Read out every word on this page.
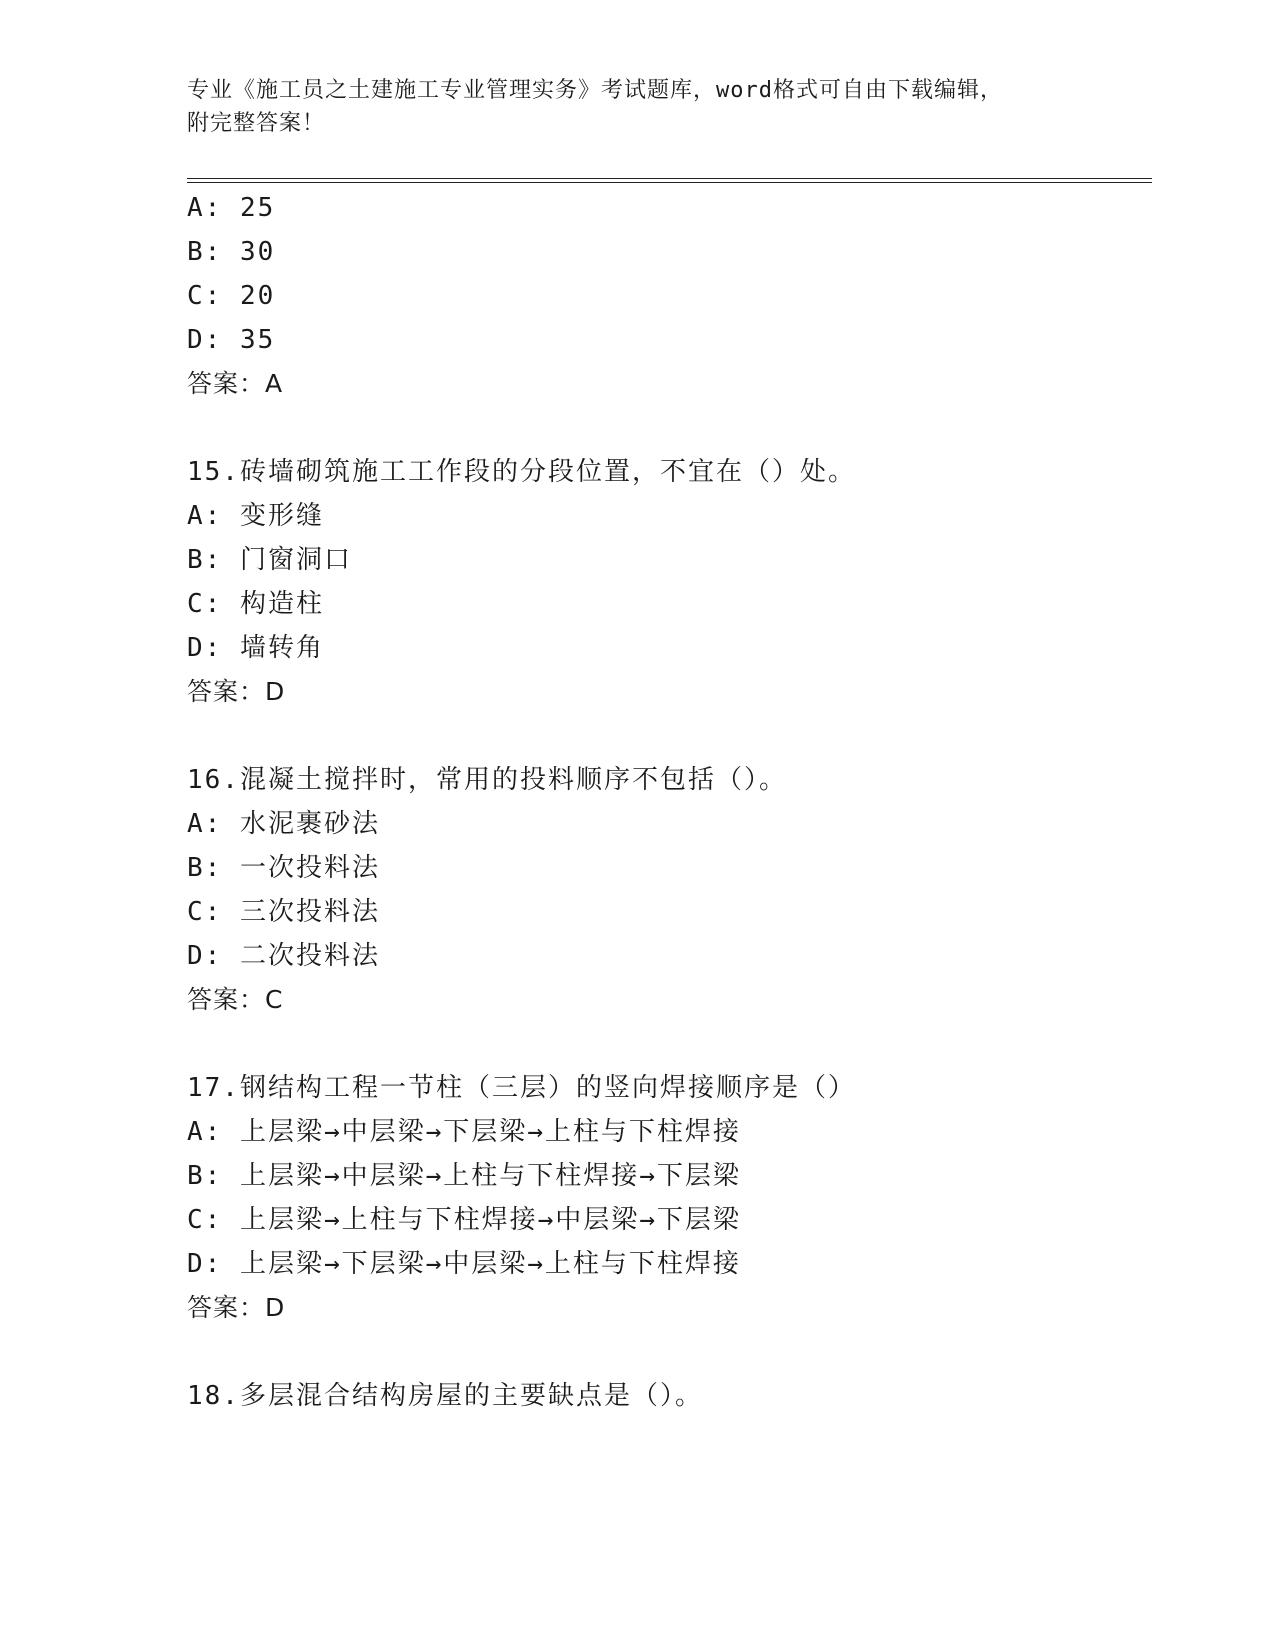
专业《施工员之土建施工专业管理实务》考试题库，word格式可自由下载编辑，
附完整答案！
A: 25
B: 30
C: 20
D: 35
答案：A
15.砖墙砌筑施工工作段的分段位置，不宜在（）处。
A: 变形缝
B: 门窗洞口
C: 构造柱
D: 墙转角
答案：D
16.混凝土搅拌时，常用的投料顺序不包括（）。
A: 水泥裹砂法
B: 一次投料法
C: 三次投料法
D: 二次投料法
答案：C
17.钢结构工程一节柱（三层）的竖向焊接顺序是（）
A: 上层梁→中层梁→下层梁→上柱与下柱焊接
B: 上层梁→中层梁→上柱与下柱焊接→下层梁
C: 上层梁→上柱与下柱焊接→中层梁→下层梁
D: 上层梁→下层梁→中层梁→上柱与下柱焊接
答案：D
18.多层混合结构房屋的主要缺点是（）。
